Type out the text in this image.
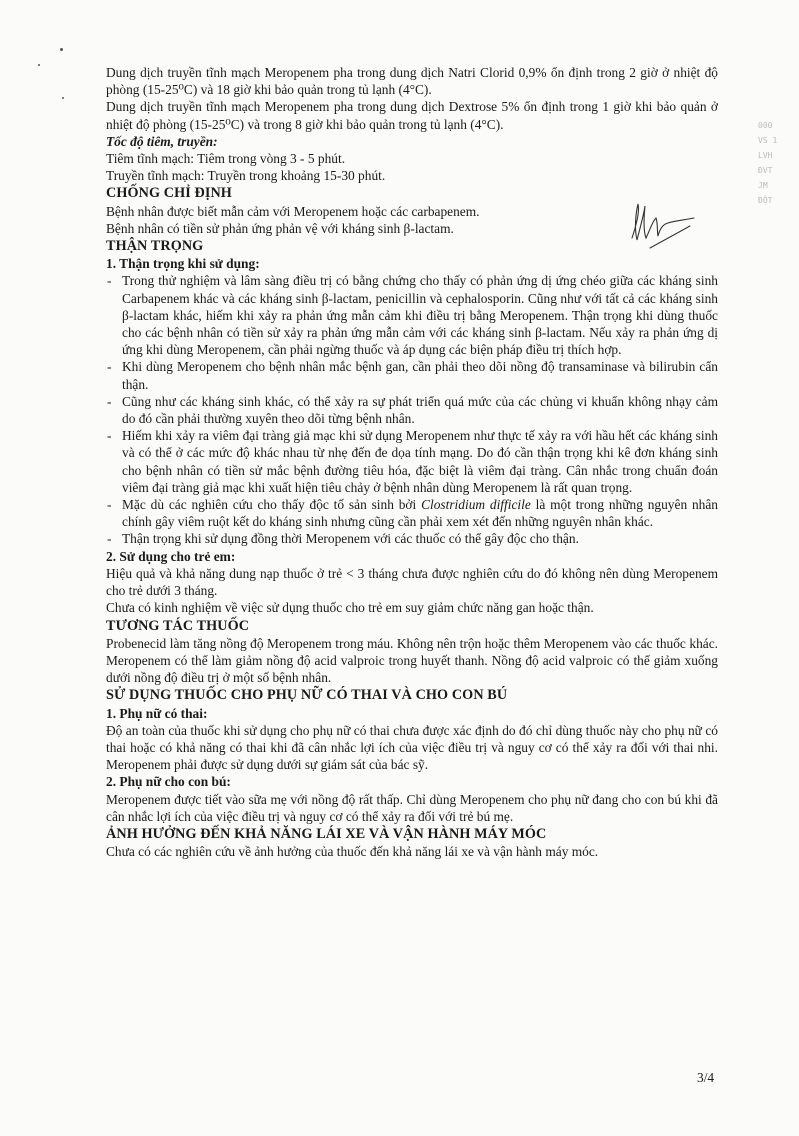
Dung dịch truyền tĩnh mạch Meropenem pha trong dung dịch Natri Clorid 0,9% ổn định trong 2 giờ ở nhiệt độ phòng (15-25⁰C) và 18 giờ khi bảo quản trong tủ lạnh (4°C).

Dung dịch truyền tĩnh mạch Meropenem pha trong dung dịch Dextrose 5% ổn định trong 1 giờ khi bảo quản ở nhiệt độ phòng (15-25⁰C) và trong 8 giờ khi bảo quản trong tủ lạnh (4°C).

Tốc độ tiêm, truyền:

Tiêm tĩnh mạch: Tiêm trong vòng 3 - 5 phút.

Truyền tĩnh mạch: Truyền trong khoảng 15-30 phút.

CHỐNG CHỈ ĐỊNH

Bệnh nhân được biết mẫn cảm với Meropenem hoặc các carbapenem.

Bệnh nhân có tiền sử phản ứng phản vệ với kháng sinh β-lactam.

THẬN TRỌNG

1. Thận trọng khi sử dụng:

- Trong thử nghiệm và lâm sàng điều trị có bằng chứng cho thấy có phản ứng dị ứng chéo giữa các kháng sinh Carbapenem khác và các kháng sinh β-lactam, penicillin và cephalosporin. Cũng như với tất cả các kháng sinh β-lactam khác, hiếm khi xảy ra phản ứng mẫn cảm khi điều trị bằng Meropenem. Thận trọng khi dùng thuốc cho các bệnh nhân có tiền sử xảy ra phản ứng mẫn cảm với các kháng sinh β-lactam. Nếu xảy ra phản ứng dị ứng khi dùng Meropenem, cần phải ngừng thuốc và áp dụng các biện pháp điều trị thích hợp.
- Khi dùng Meropenem cho bệnh nhân mắc bệnh gan, cần phải theo dõi nồng độ transaminase và bilirubin cẩn thận.
- Cũng như các kháng sinh khác, có thể xảy ra sự phát triển quá mức của các chủng vi khuẩn không nhạy cảm do đó cần phải thường xuyên theo dõi từng bệnh nhân.
- Hiếm khi xảy ra viêm đại tràng giả mạc khi sử dụng Meropenem như thực tế xảy ra với hầu hết các kháng sinh và có thể ở các mức độ khác nhau từ nhẹ đến đe dọa tính mạng. Do đó cần thận trọng khi kê đơn kháng sinh cho bệnh nhân có tiền sử mắc bệnh đường tiêu hóa, đặc biệt là viêm đại tràng. Cân nhắc trong chuẩn đoán viêm đại tràng giả mạc khi xuất hiện tiêu chảy ở bệnh nhân dùng Meropenem là rất quan trọng.
- Mặc dù các nghiên cứu cho thấy độc tố sản sinh bởi Clostridium difficile là một trong những nguyên nhân chính gây viêm ruột kết do kháng sinh nhưng cũng cần phải xem xét đến những nguyên nhân khác.
- Thận trọng khi sử dụng đồng thời Meropenem với các thuốc có thể gây độc cho thận.

2. Sử dụng cho trẻ em:

Hiệu quả và khả năng dung nạp thuốc ở trẻ < 3 tháng chưa được nghiên cứu do đó không nên dùng Meropenem cho trẻ dưới 3 tháng.

Chưa có kinh nghiệm về việc sử dụng thuốc cho trẻ em suy giảm chức năng gan hoặc thận.

TƯƠNG TÁC THUỐC

Probenecid làm tăng nồng độ Meropenem trong máu. Không nên trộn hoặc thêm Meropenem vào các thuốc khác. Meropenem có thể làm giảm nồng độ acid valproic trong huyết thanh. Nồng độ acid valproic có thể giảm xuống dưới nồng độ điều trị ở một số bệnh nhân.

SỬ DỤNG THUỐC CHO PHỤ NỮ CÓ THAI VÀ CHO CON BÚ

1. Phụ nữ có thai:

Độ an toàn của thuốc khi sử dụng cho phụ nữ có thai chưa được xác định do đó chỉ dùng thuốc này cho phụ nữ có thai hoặc có khả năng có thai khi đã cân nhắc lợi ích của việc điều trị và nguy cơ có thể xảy ra đối với thai nhi. Meropenem phải được sử dụng dưới sự giám sát của bác sỹ.

2. Phụ nữ cho con bú:

Meropenem được tiết vào sữa mẹ với nồng độ rất thấp. Chỉ dùng Meropenem cho phụ nữ đang cho con bú khi đã cân nhắc lợi ích của việc điều trị và nguy cơ có thể xảy ra đối với trẻ bú mẹ.

ẢNH HƯỞNG ĐẾN KHẢ NĂNG LÁI XE VÀ VẬN HÀNH MÁY MÓC

Chưa có các nghiên cứu về ảnh hưởng của thuốc đến khả năng lái xe và vận hành máy móc.

000
VS 1
LVH
ĐVT
JM
ĐỘT
3/4
